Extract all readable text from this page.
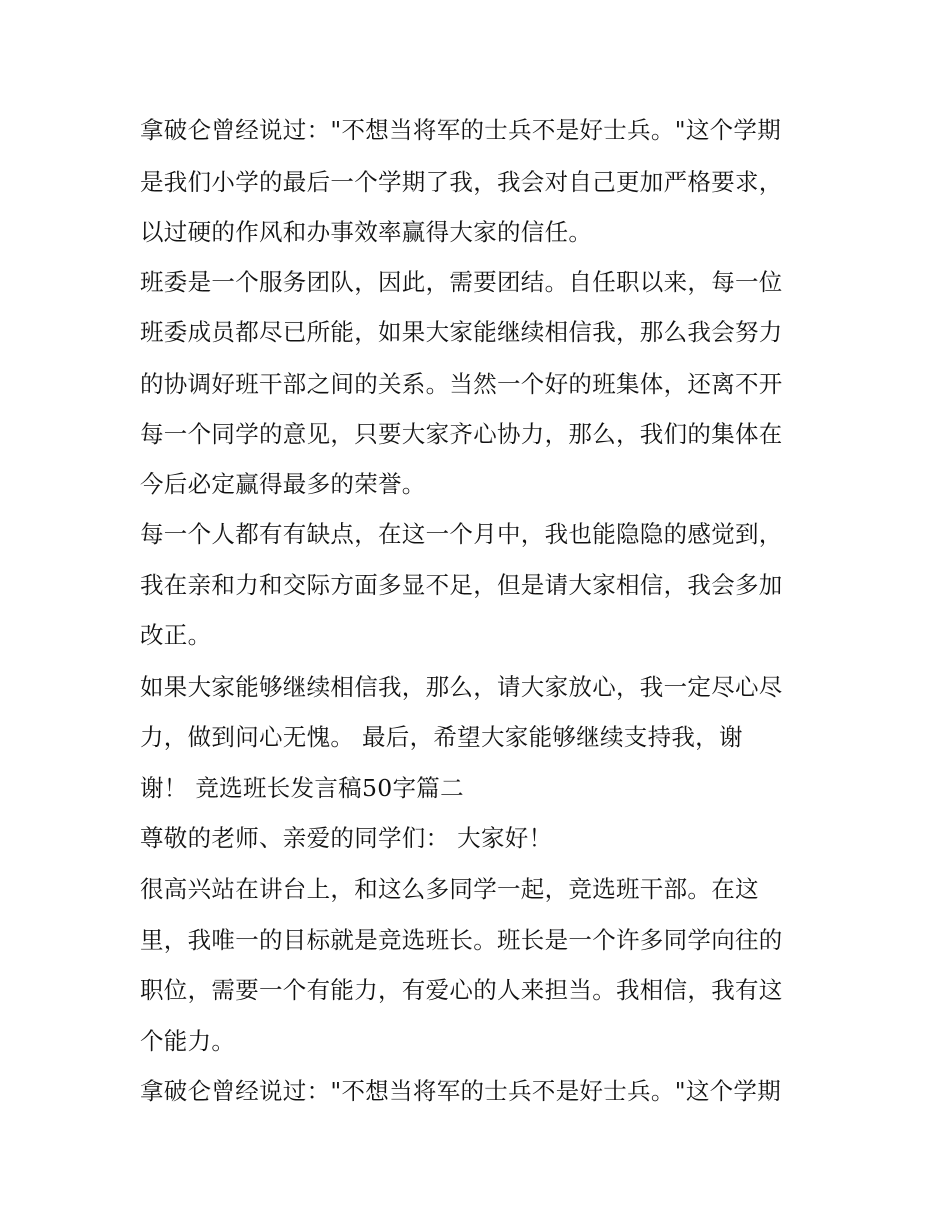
拿破仑曾经说过："不想当将军的士兵不是好士兵。"这个学期
是我们小学的最后一个学期了我，我会对自己更加严格要求，
以过硬的作风和办事效率赢得大家的信任。
班委是一个服务团队，因此，需要团结。自任职以来，每一位
班委成员都尽已所能，如果大家能继续相信我，那么我会努力
的协调好班干部之间的关系。当然一个好的班集体，还离不开
每一个同学的意见，只要大家齐心协力，那么，我们的集体在
今后必定赢得最多的荣誉。
每一个人都有有缺点，在这一个月中，我也能隐隐的感觉到，
我在亲和力和交际方面多显不足，但是请大家相信，我会多加
改正。
如果大家能够继续相信我，那么，请大家放心，我一定尽心尽
力，做到问心无愧。 最后，希望大家能够继续支持我，谢
谢！ 竞选班长发言稿50字篇二
尊敬的老师、亲爱的同学们： 大家好！
很高兴站在讲台上，和这么多同学一起，竞选班干部。在这
里，我唯一的目标就是竞选班长。班长是一个许多同学向往的
职位，需要一个有能力，有爱心的人来担当。我相信，我有这
个能力。
拿破仑曾经说过："不想当将军的士兵不是好士兵。"这个学期
